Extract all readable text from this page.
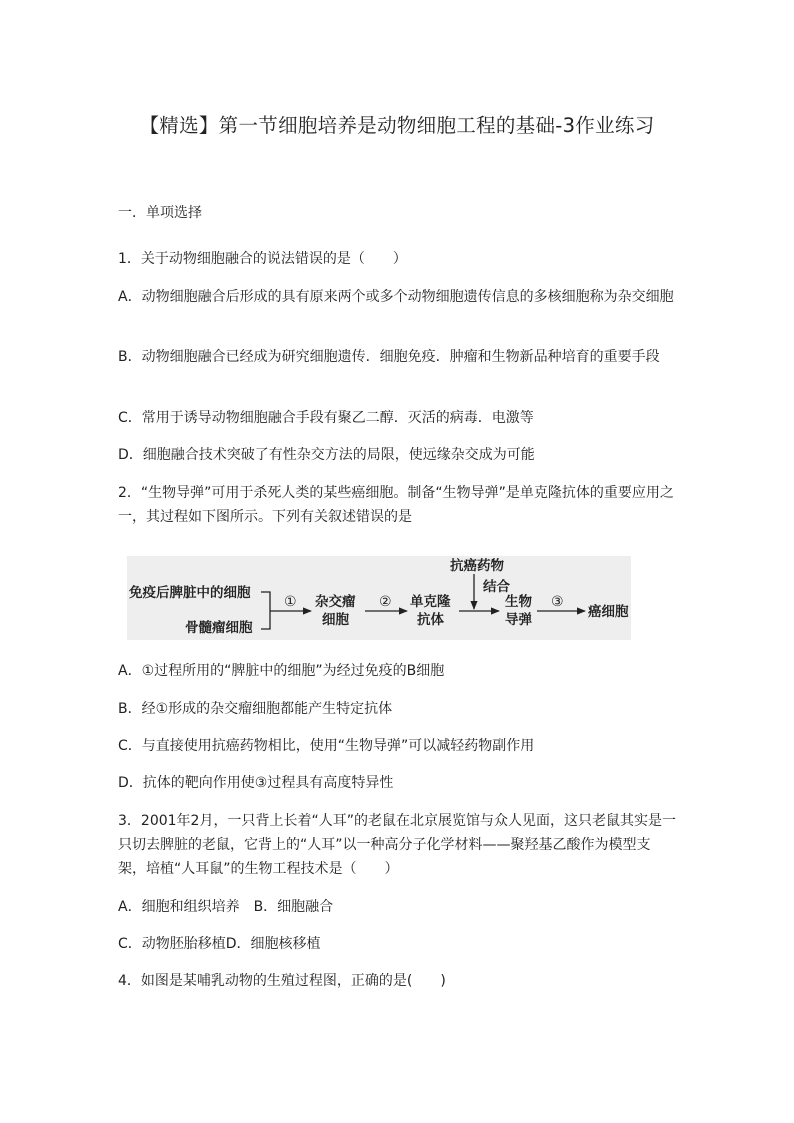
【精选】第一节细胞培养是动物细胞工程的基础-3作业练习
一．单项选择
1．关于动物细胞融合的说法错误的是（　　）
A．动物细胞融合后形成的具有原来两个或多个动物细胞遗传信息的多核细胞称为杂交细胞
B．动物细胞融合已经成为研究细胞遗传．细胞免疫．肿瘤和生物新品种培育的重要手段
C．常用于诱导动物细胞融合手段有聚乙二醇．灭活的病毒．电激等
D．细胞融合技术突破了有性杂交方法的局限，使远缘杂交成为可能
2．“生物导弹”可用于杀死人类的某些癌细胞。制备“生物导弹”是单克隆抗体的重要应用之一，其过程如下图所示。下列有关叙述错误的是
免疫后脾脏中的细胞
骨髓瘤细胞
① 杂交瘤
细胞
② 单克隆
抗体
抗癌药物
结合
生物
导弹
③
癌细胞
A．①过程所用的“脾脏中的细胞”为经过免疫的B细胞
B．经①形成的杂交瘤细胞都能产生特定抗体
C．与直接使用抗癌药物相比，使用“生物导弹”可以减轻药物副作用
D．抗体的靶向作用使③过程具有高度特异性
3．2001年2月，一只背上长着“人耳”的老鼠在北京展览馆与众人见面，这只老鼠其实是一只切去脾脏的老鼠，它背上的“人耳”以一种高分子化学材料——聚羟基乙酸作为模型支架，培植“人耳鼠”的生物工程技术是（　　）
A．细胞和组织培养　B．细胞融合
C．动物胚胎移植D．细胞核移植
4．如图是某哺乳动物的生殖过程图，正确的是(　　)
